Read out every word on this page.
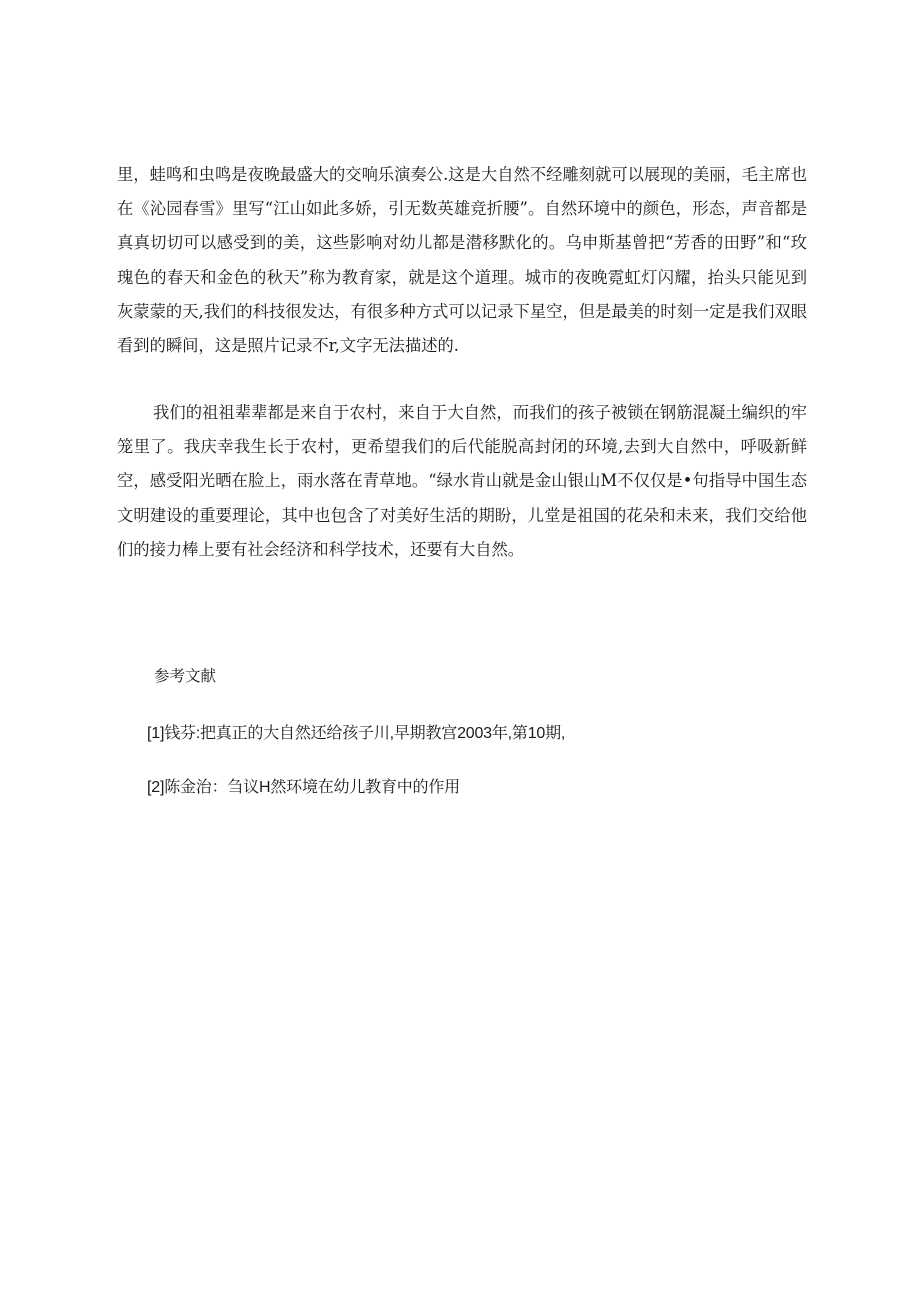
里，蛙鸣和虫鸣是夜晚最盛大的交响乐演奏公.这是大自然不经雕刻就可以展现的美丽，毛主席也在《沁园春雪》里写“江山如此多娇，引无数英雄竞折腰”。自然环境中的颜色，形态，声音都是真真切切可以感受到的美，这些影响对幼儿都是潜移默化的。乌申斯基曾把“芳香的田野”和“玫瑰色的春天和金色的秋天”称为教育家，就是这个道理。城市的夜晚霓虹灯闪耀，抬头只能见到灰蒙蒙的天,我们的科技很发达，有很多种方式可以记录下星空，但是最美的时刻一定是我们双眼看到的瞬间，这是照片记录不r,文字无法描述的.

我们的祖祖辈辈都是来自于农村，来自于大自然，而我们的孩子被锁在钢筋混凝土编织的牢笼里了。我庆幸我生长于农村，更希望我们的后代能脱高封闭的环境,去到大自然中，呼吸新鲜空，感受阳光晒在脸上，雨水落在青草地。“绿水肯山就是金山银山M不仅仅是•句指导中国生态文明建设的重要理论，其中也包含了对美好生活的期盼，儿堂是祖国的花朵和未来，我们交给他们的接力棒上要有社会经济和科学技术，还要有大自然。

参考文献

[1]钱芬:把真正的大自然还给孩子川,早期教宫2003年,第10期,

[2]陈金治：刍议H然环境在幼儿教育中的作用
